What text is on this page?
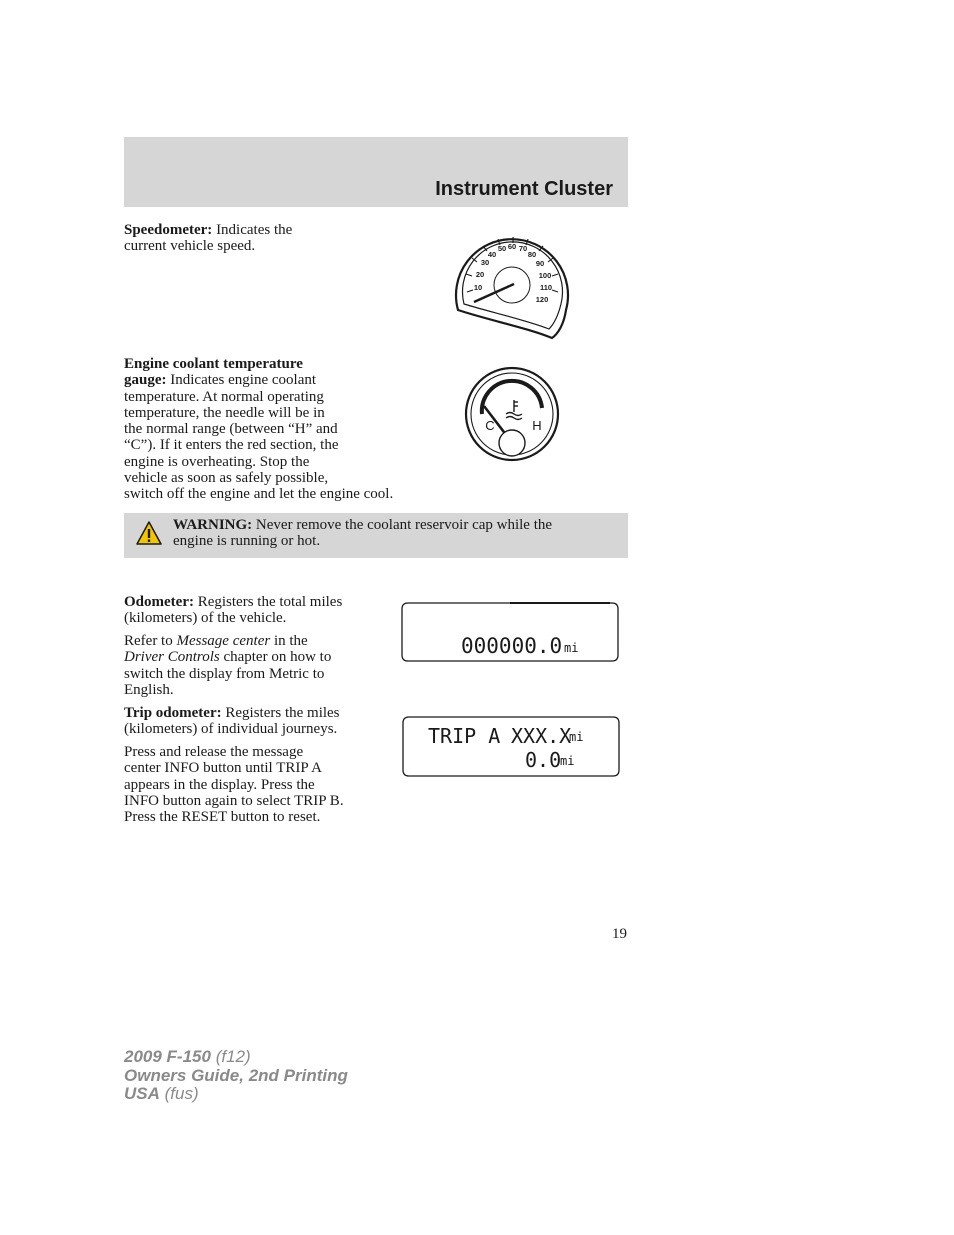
Instrument Cluster

Speedometer: Indicates the
current vehicle speed.

10
20
30
40
50 60 70
80
90
100
110
120

Engine coolant temperature
gauge: Indicates engine coolant
temperature. At normal operating
temperature, the needle will be in
the normal range (between “H” and
“C”). If it enters the red section, the
engine is overheating. Stop the
vehicle as soon as safely possible,
switch off the engine and let the engine cool.

C	H
WARNING: Never remove the coolant reservoir cap while the
engine is running or hot.

Odometer: Registers the total miles
(kilometers) of the vehicle.

Refer to Message center in the
Driver Controls chapter on how to
switch the display from Metric to
English.

000000.0 mi

Trip odometer: Registers the miles
(kilometers) of individual journeys.

Press and release the message
center INFO button until TRIP A
appears in the display. Press the
INFO button again to select TRIP B.
Press the RESET button to reset.

TRIP A XXX.X
mi
0.0
mi
19
2009 F-150 (f12)
Owners Guide, 2nd Printing
USA (fus)
